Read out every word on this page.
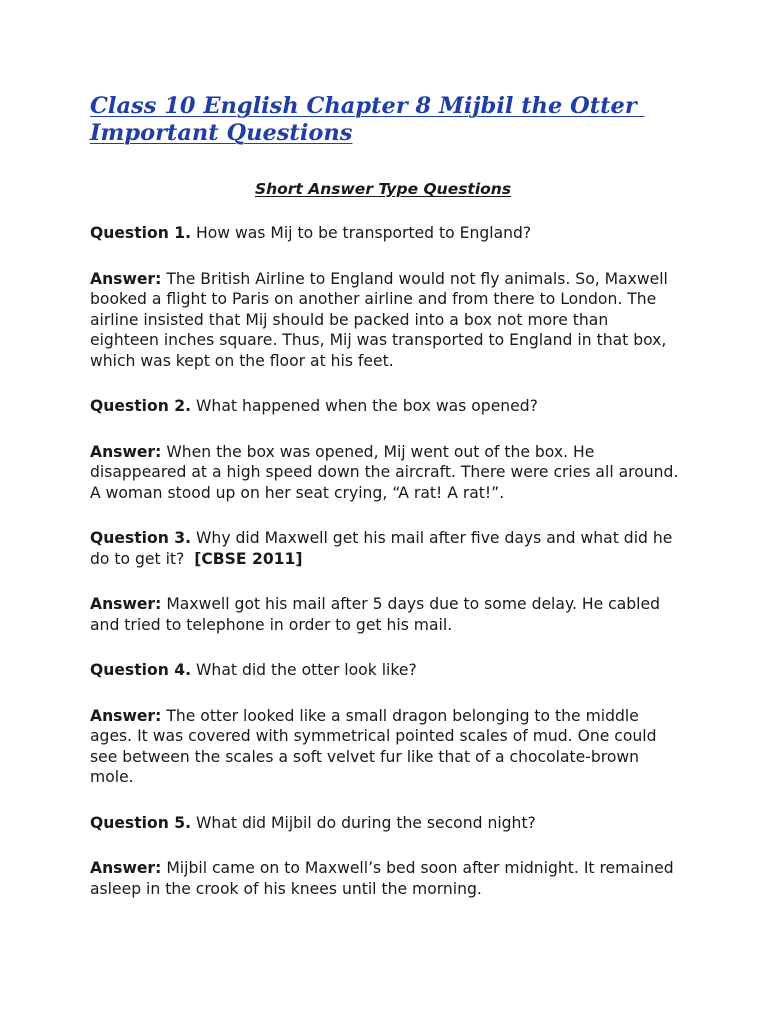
Class 10 English Chapter 8 Mijbil the Otter
Important Questions
Short Answer Type Questions

Question 1. How was Mij to be transported to England?

Answer: The British Airline to England would not fly animals. So, Maxwell booked a flight to Paris on another airline and from there to London. The airline insisted that Mij should be packed into a box not more than eighteen inches square. Thus, Mij was transported to England in that box, which was kept on the floor at his feet.

Question 2. What happened when the box was opened?

Answer: When the box was opened, Mij went out of the box. He disappeared at a high speed down the aircraft. There were cries all around. A woman stood up on her seat crying, “A rat! A rat!”.

Question 3. Why did Maxwell get his mail after five days and what did he do to get it? [CBSE 2011]

Answer: Maxwell got his mail after 5 days due to some delay. He cabled and tried to telephone in order to get his mail.

Question 4. What did the otter look like?

Answer: The otter looked like a small dragon belonging to the middle ages. It was covered with symmetrical pointed scales of mud. One could see between the scales a soft velvet fur like that of a chocolate-brown mole.

Question 5. What did Mijbil do during the second night?

Answer: Mijbil came on to Maxwell’s bed soon after midnight. It remained asleep in the crook of his knees until the morning.
